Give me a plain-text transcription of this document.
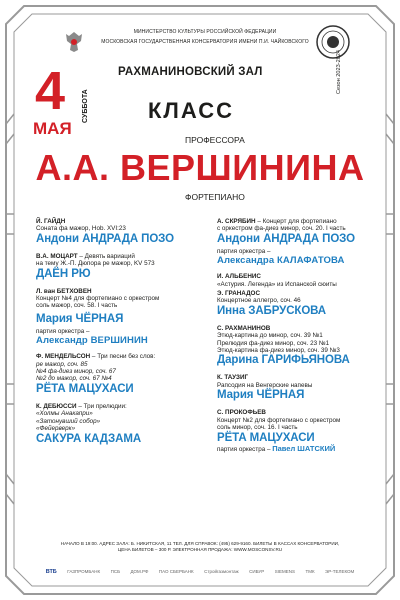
МИНИСТЕРСТВО КУЛЬТУРЫ РОССИЙСКОЙ ФЕДЕРАЦИИ
МОСКОВСКАЯ ГОСУДАРСТВЕННАЯ КОНСЕРВАТОРИЯ ИМЕНИ П.И. ЧАЙКОВСКОГО
Сезон 2023-2024
4 СУББОТА
МАЯ
РАХМАНИНОВСКИЙ ЗАЛ
КЛАСС
ПРОФЕССОРА
А.А. ВЕРШИНИНА
ФОРТЕПИАНО
Й. ГАЙДН
Соната фа мажор, Hob. XVI:23
Андони АНДРАДА ПОЗО
В.А. МОЦАРТ – Девять вариаций
на тему Ж.-П. Дюпора ре мажор, KV 573
ДАЁН РЮ
Л. ван БЕТХОВЕН
Концерт №4 для фортепиано с оркестром
соль мажор, соч. 58. I часть
Мария ЧЁРНАЯ
партия оркестра –
Александр ВЕРШИНИН
Ф. МЕНДЕЛЬСОН – Три песни без слов:
ре мажор, соч. 85
№4 фа-диез минор, соч. 67
№2 до мажор, соч. 67 №4
РЁТА МАЦУХАСИ
К. ДЕБЮССИ – Три прелюдии:
«Холмы Анакапри»
«Затонувший собор»
«Фейерверк»
САКУРА КАДЗАМА
А. СКРЯБИН – Концерт для фортепиано
с оркестром фа-диез минор, соч. 20. I часть
Андони АНДРАДА ПОЗО
партия оркестра –
Александра КАЛАФАТОВА
И. АЛЬБЕНИС
«Астурия. Легенда» из Испанской сюиты
Э. ГРАНАДОС
Концертное аллегро, соч. 46
Инна ЗАБРУСКОВА
С. РАХМАНИНОВ
Этюд-картина до минор, соч. 39 №1
Прелюдия фа-диез минор, соч. 23 №1
Этюд-картина фа-диез минор, соч. 39 №3
Дарина ГАРИФЬЯНОВА
К. ТАУЗИГ
Рапсодия на Венгерские напевы
Мария ЧЁРНАЯ
С. ПРОКОФЬЕВ
Концерт №2 для фортепиано с оркестром
соль минор, соч. 16. I часть
РЁТА МАЦУХАСИ
партия оркестра – Павел ШАТСКИЙ
НАЧАЛО В 19:00. АДРЕС ЗАЛА: Б. НИКИТСКАЯ, 11 ТЕЛ. ДЛЯ СПРАВОК: (495) 629-9160. БИЛЕТЫ В КАССАХ КОНСЕРВАТОРИИ,
ЦЕНА БИЛЕТОВ – 300 Р. ЭЛЕКТРОННАЯ ПРОДАЖА: WWW.MOSCONSV.RU
ВТБ ГАЗПРОМБАНК ПСБ ДОМ.РФ ПАО СБЕРБАНК Стройгазмонтаж СИБУР SIEMENS ТМК ЭР-ТЕЛЕКОМ
